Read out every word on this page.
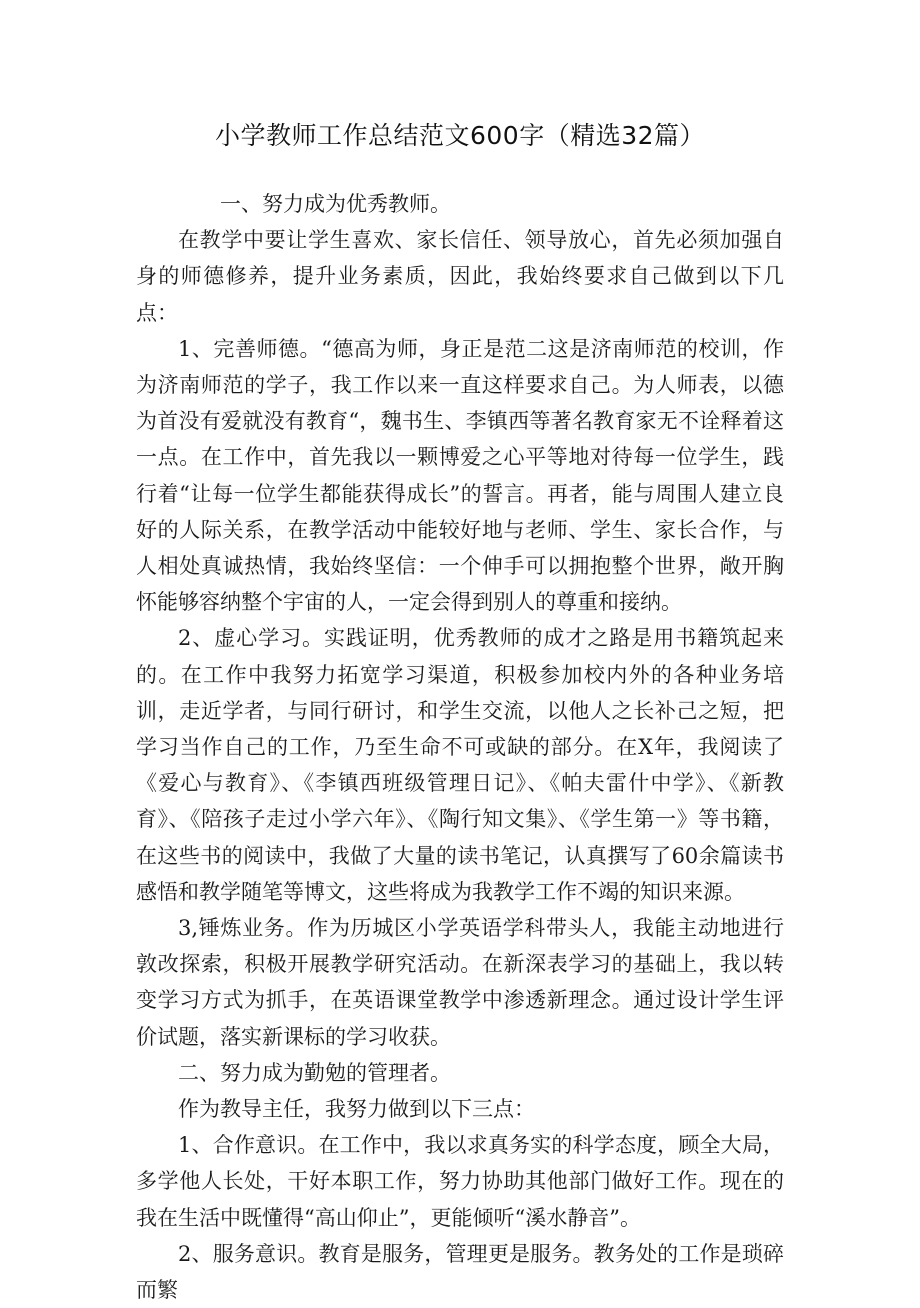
小学教师工作总结范文600字（精选32篇）

一、努力成为优秀教师。

在教学中要让学生喜欢、家长信任、领导放心，首先必须加强自身的师德修养，提升业务素质，因此，我始终要求自己做到以下几点：

1、完善师德。“德高为师，身正是范二这是济南师范的校训，作为济南师范的学子，我工作以来一直这样要求自己。为人师表，以德为首没有爱就没有教育“，魏书生、李镇西等著名教育家无不诠释着这一点。在工作中，首先我以一颗博爱之心平等地对待每一位学生，践行着“让每一位学生都能获得成长”的誓言。再者，能与周围人建立良好的人际关系，在教学活动中能较好地与老师、学生、家长合作，与人相处真诚热情，我始终坚信：一个伸手可以拥抱整个世界，敞开胸怀能够容纳整个宇宙的人，一定会得到别人的尊重和接纳。

2、虚心学习。实践证明，优秀教师的成才之路是用书籍筑起来的。在工作中我努力拓宽学习渠道，积极参加校内外的各种业务培训，走近学者，与同行研讨，和学生交流，以他人之长补己之短，把学习当作自己的工作，乃至生命不可或缺的部分。在X年，我阅读了《爱心与教育》、《李镇西班级管理日记》、《帕夫雷什中学》、《新教育》、《陪孩子走过小学六年》、《陶行知文集》、《学生第一》等书籍，在这些书的阅读中，我做了大量的读书笔记，认真撰写了60余篇读书感悟和教学随笔等博文，这些将成为我教学工作不竭的知识来源。

3,锤炼业务。作为历城区小学英语学科带头人，我能主动地进行敦改探索，积极开展教学研究活动。在新深表学习的基础上，我以转变学习方式为抓手，在英语课堂教学中渗透新理念。通过设计学生评价试题，落实新课标的学习收获。

二、努力成为勤勉的管理者。

作为教导主任，我努力做到以下三点：

1、合作意识。在工作中，我以求真务实的科学态度，顾全大局，多学他人长处，干好本职工作，努力协助其他部门做好工作。现在的我在生活中既懂得“高山仰止”，更能倾听“溪水静音”。

2、服务意识。教育是服务，管理更是服务。教务处的工作是琐碎而繁
